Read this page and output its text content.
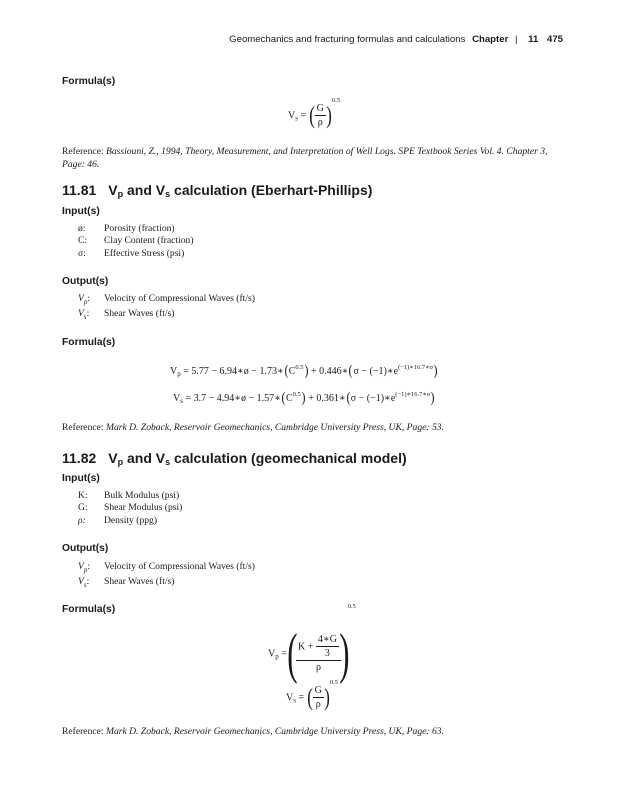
Geomechanics and fracturing formulas and calculations Chapter | 11 475
Formula(s)
$V_s$ = ( $\frac{G}{\rho} )0.5$
Reference: Bassiouni, Z., 1994, Theory, Measurement, and Interpretation of Well Logs. SPE Textbook Series Vol. 4. Chapter 3, Page: 46.
11.81 $V_p$ and $V_s$ calculation (Eberhart-Phillips)
Input(s)
ø: Porosity (fraction)
C: Clay Content (fraction)
σ: Effective Stress (psi)
Output(s)
$V_p$: Velocity of Compressional Waves (ft/s)
$V_s$: Shear Waves (ft/s)
Formula(s)
$V_p = 5.77$ − 6.94∗ø − $1.73∗(C^{0.5})$ + 0.446∗(σ − $(-1)∗e^{(-1)∗16.7∗\sigma}$)
$V_s = 3.7$ − 4.94∗ø − $1.57∗(C^{0.5})$ + 0.361∗(σ − $(-1)∗e^{(-1)∗16.7∗\sigma}$)
Reference: Mark D. Zoback, Reservoir Geomechanics, Cambridge University Press, UK, Page: 53.
11.82 $V_p$ and $V_s$ calculation (geomechanical model)
Input(s)
K: Bulk Modulus (psi)
G: Shear Modulus (psi)
ρ: Density (ppg)
Output(s)
$V_p$: Velocity of Compressional Waves (ft/s)
$V_s$: Shear Waves (ft/s)
Formula(s)
$V_p$ = (
$\frac{K + \frac{4∗G}{3}}{\rho}$
)0.5
$V_s$ = ( $\frac{G}{\rho} )0.5$
Reference: Mark D. Zoback, Reservoir Geomechanics, Cambridge University Press, UK, Page: 63.
